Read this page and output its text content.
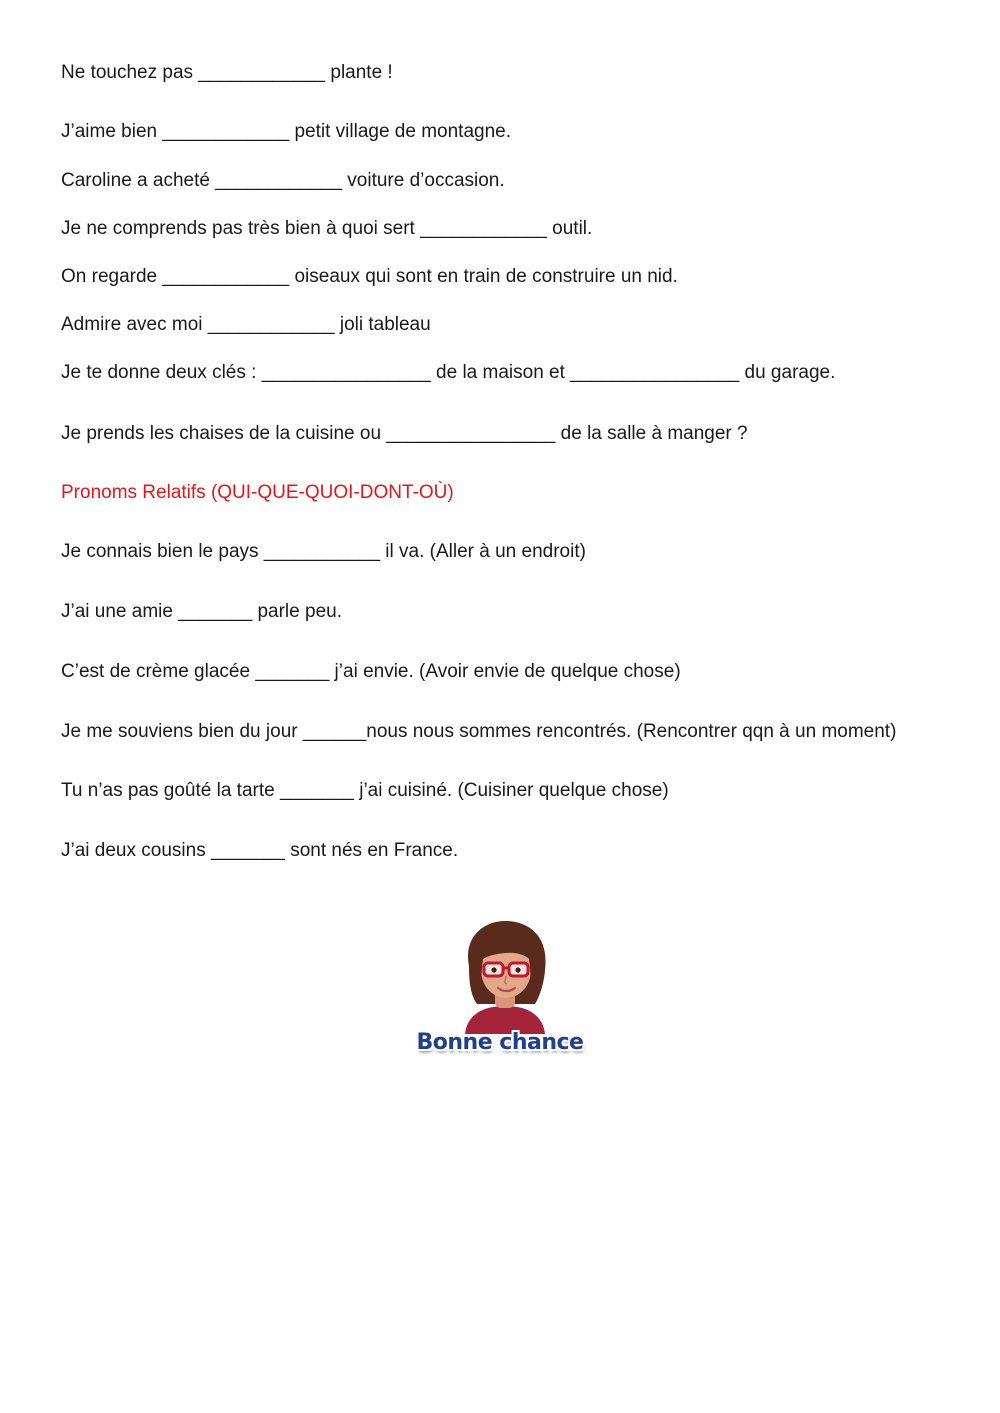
Ne touchez pas ____________ plante !

J’aime bien ____________ petit village de montagne.

Caroline a acheté ____________ voiture d’occasion.

Je ne comprends pas très bien à quoi sert ____________ outil.

On regarde ____________ oiseaux qui sont en train de construire un nid.

Admire avec moi ____________ joli tableau

Je te donne deux clés : ________________ de la maison et ________________ du garage.

Je prends les chaises de la cuisine ou ________________ de la salle à manger ?

Pronoms Relatifs (QUI-QUE-QUOI-DONT-OÙ)

Je connais bien le pays ___________ il va. (Aller à un endroit)

J’ai une amie _______ parle peu.

C’est de crème glacée _______ j’ai envie. (Avoir envie de quelque chose)

Je me souviens bien du jour ______nous nous sommes rencontrés. (Rencontrer qqn à un moment)

Tu n’as pas goûté la tarte _______ j’ai cuisiné. (Cuisiner quelque chose)

J’ai deux cousins _______ sont nés en France.

Bonne chance
